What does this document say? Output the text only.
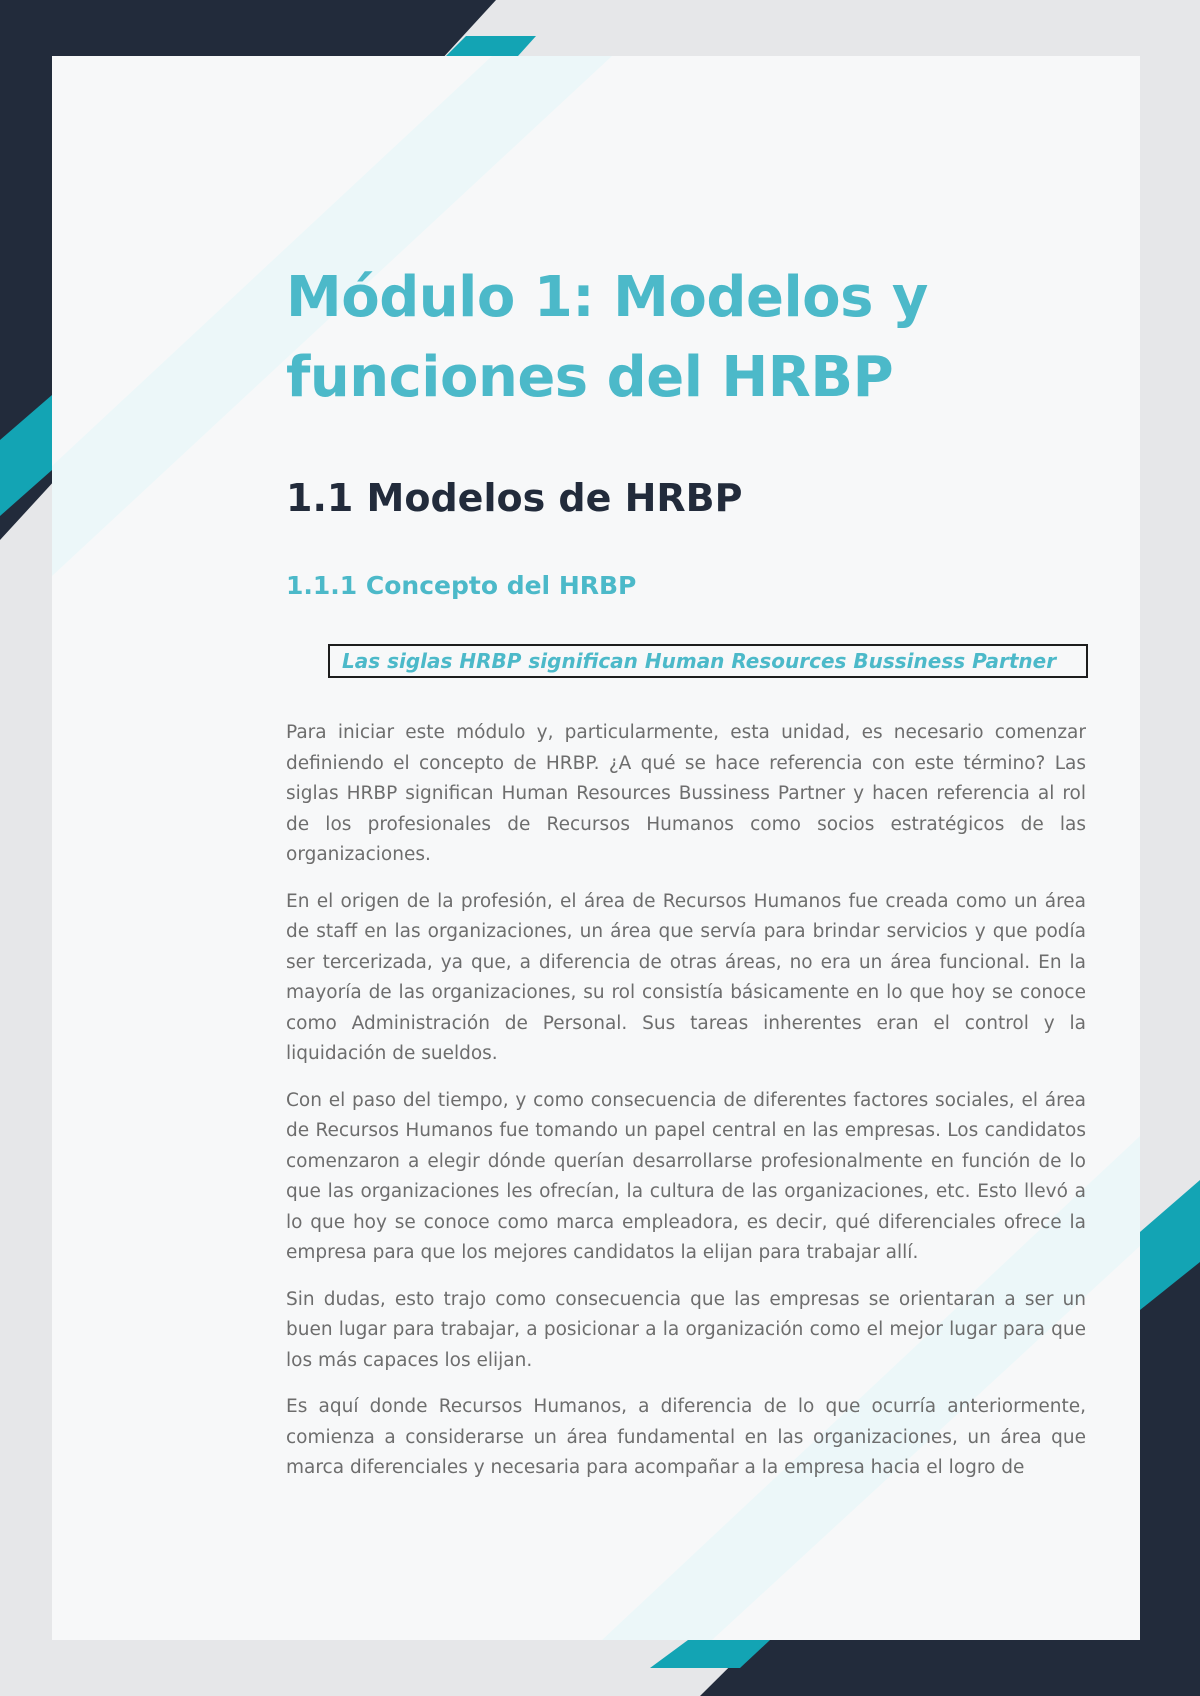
Módulo 1: Modelos y
funciones del HRBP
1.1 Modelos de HRBP
1.1.1 Concepto del HRBP
Las siglas HRBP significan Human Resources Bussiness Partner

Para iniciar este módulo y, particularmente, esta unidad, es necesario comenzar definiendo el concepto de HRBP. ¿A qué se hace referencia con este término? Las siglas HRBP significan Human Resources Bussiness Partner y hacen referencia al rol de los profesionales de Recursos Humanos como socios estratégicos de las organizaciones.

En el origen de la profesión, el área de Recursos Humanos fue creada como un área de staff en las organizaciones, un área que servía para brindar servicios y que podía ser tercerizada, ya que, a diferencia de otras áreas, no era un área funcional. En la mayoría de las organizaciones, su rol consistía básicamente en lo que hoy se conoce como Administración de Personal. Sus tareas inherentes eran el control y la liquidación de sueldos.

Con el paso del tiempo, y como consecuencia de diferentes factores sociales, el área de Recursos Humanos fue tomando un papel central en las empresas. Los candidatos comenzaron a elegir dónde querían desarrollarse profesionalmente en función de lo que las organizaciones les ofrecían, la cultura de las organizaciones, etc. Esto llevó a lo que hoy se conoce como marca empleadora, es decir, qué diferenciales ofrece la empresa para que los mejores candidatos la elijan para trabajar allí.

Sin dudas, esto trajo como consecuencia que las empresas se orientaran a ser un buen lugar para trabajar, a posicionar a la organización como el mejor lugar para que los más capaces los elijan.

Es aquí donde Recursos Humanos, a diferencia de lo que ocurría anteriormente, comienza a considerarse un área fundamental en las organizaciones, un área que marca diferenciales y necesaria para acompañar a la empresa hacia el logro de
